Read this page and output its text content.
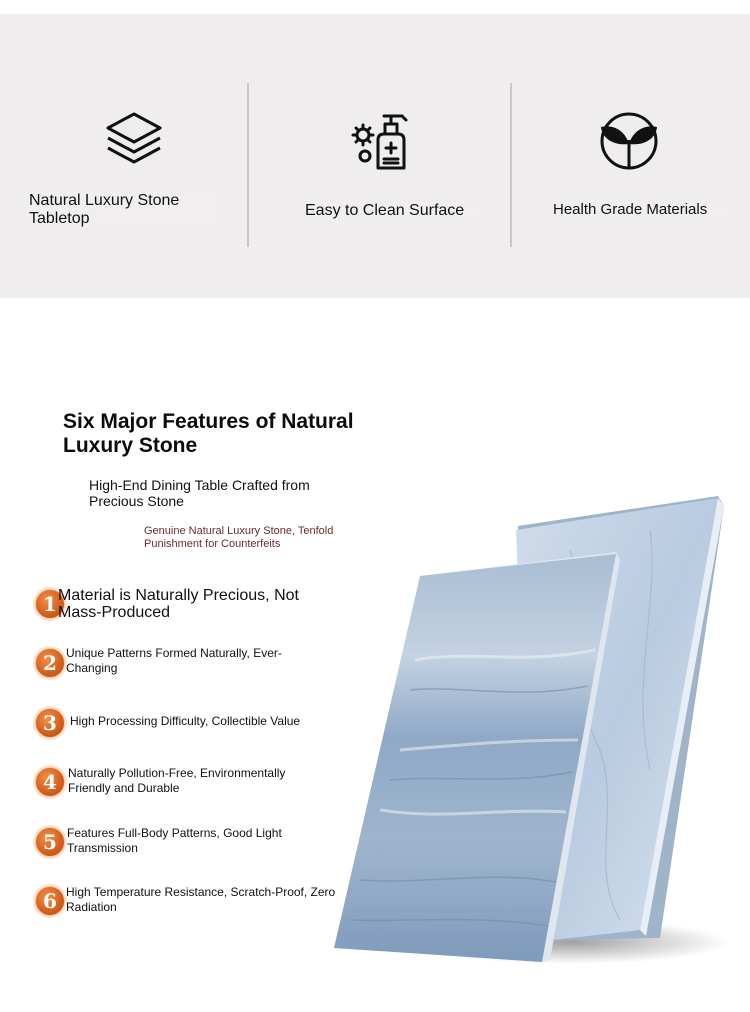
Natural Luxury Stone Tabletop	Easy to Clean Surface	Health Grade Materials
Six Major Features of Natural Luxury Stone
High-End Dining Table Crafted from Precious Stone
Genuine Natural Luxury Stone, Tenfold Punishment for Counterfeits
1 Material is Naturally Precious, Not Mass-Produced
2 Unique Patterns Formed Naturally, Ever-Changing
3	High Processing Difficulty, Collectible Value
4 Naturally Pollution-Free, Environmentally Friendly and Durable
5 Features Full-Body Patterns, Good Light Transmission
6 High Temperature Resistance, Scratch-Proof, Zero Radiation
